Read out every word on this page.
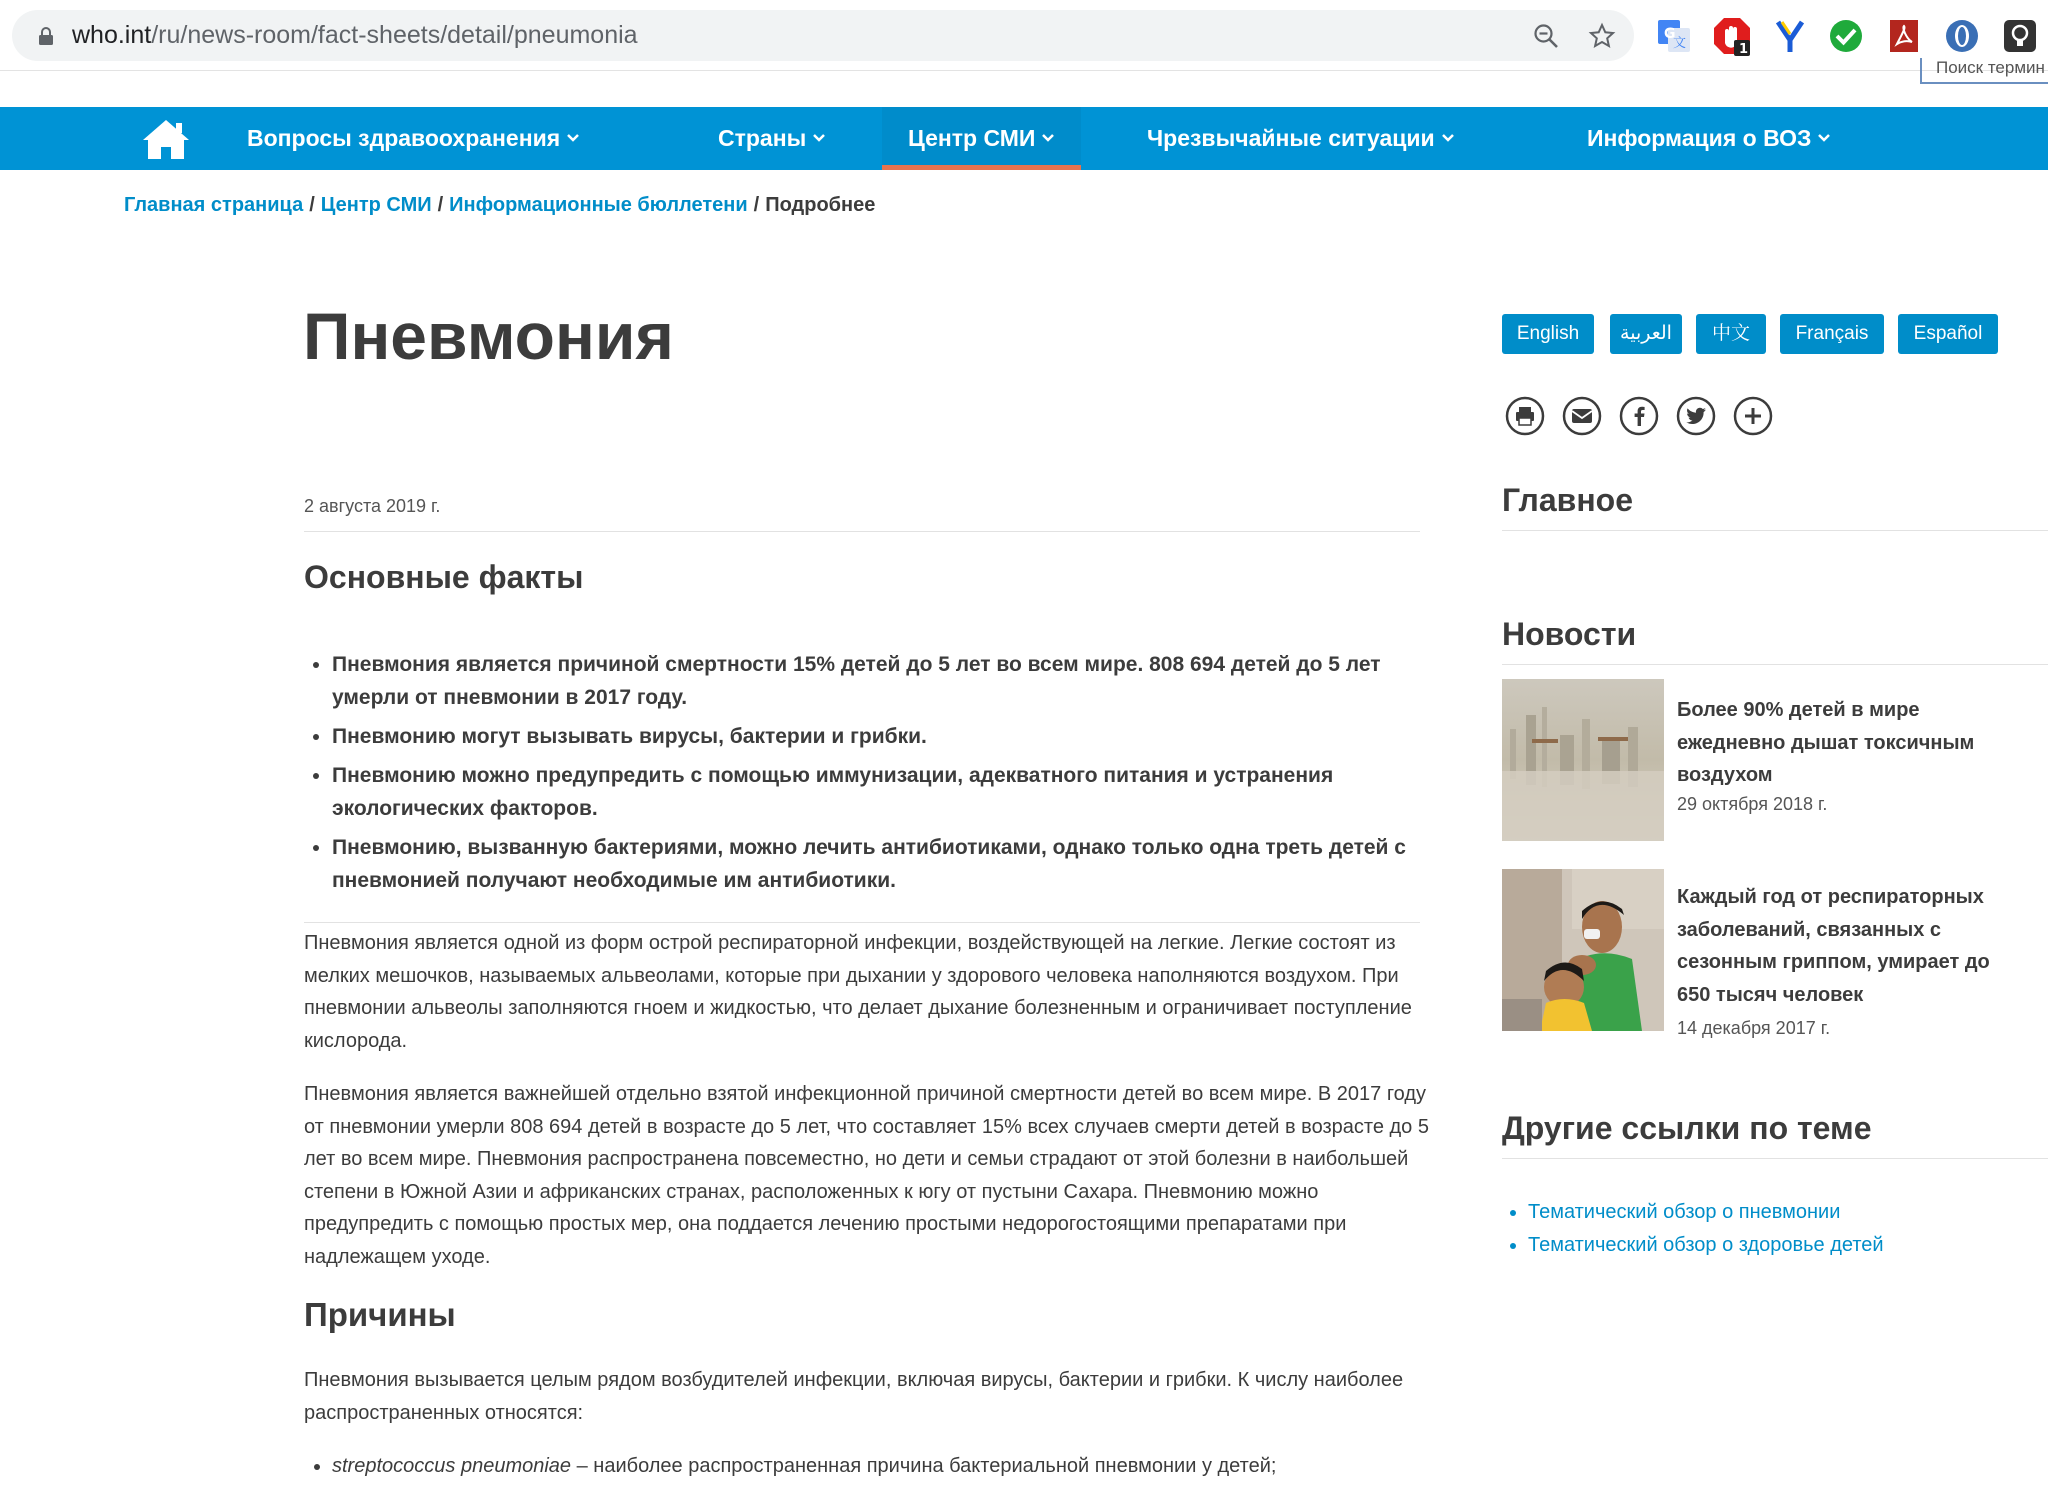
who.int/ru/news-room/fact-sheets/detail/pneumonia	G
文	1
Поиск термин
Вопросы здравоохранения	Страны	Центр СМИ	Чрезвычайные ситуации	Информация о ВОЗ
Главная страница / Центр СМИ / Информационные бюллетени / Подробнее
Пневмония
2 августа 2019 г.
Основные факты
• Пневмония является причиной смертности 15% детей до 5 лет во всем мире. 808 694 детей до 5 лет умерли от пневмонии в 2017 году.
• Пневмонию могут вызывать вирусы, бактерии и грибки.
• Пневмонию можно предупредить с помощью иммунизации, адекватного питания и устранения экологических факторов.
• Пневмонию, вызванную бактериями, можно лечить антибиотиками, однако только одна треть детей с пневмонией получают необходимые им антибиотики.

Пневмония является одной из форм острой респираторной инфекции, воздействующей на легкие. Легкие состоят из мелких мешочков, называемых альвеолами, которые при дыхании у здорового человека наполняются воздухом. При пневмонии альвеолы заполняются гноем и жидкостью, что делает дыхание болезненным и ограничивает поступление кислорода.

Пневмония является важнейшей отдельно взятой инфекционной причиной смертности детей во всем мире. В 2017 году от пневмонии умерли 808 694 детей в возрасте до 5 лет, что составляет 15% всех случаев смерти детей в возрасте до 5 лет во всем мире. Пневмония распространена повсеместно, но дети и семьи страдают от этой болезни в наибольшей степени в Южной Азии и африканских странах, расположенных к югу от пустыни Сахара. Пневмонию можно предупредить с помощью простых мер, она поддается лечению простыми недорогостоящими препаратами при надлежащем уходе.

Причины

Пневмония вызывается целым рядом возбудителей инфекции, включая вирусы, бактерии и грибки. К числу наиболее распространенных относятся:

• streptococcus pneumoniae – наиболее распространенная причина бактериальной пневмонии у детей;
English	العربية	中文	Français	Español
Главное
Новости

Более 90% детей в мире ежедневно дышат токсичным воздухом

29 октября 2018 г.

Каждый год от респираторных заболеваний, связанных с сезонным гриппом, умирает до 650 тысяч человек

14 декабря 2017 г.
Другие ссылки по теме
• Тематический обзор о пневмонии
• Тематический обзор о здоровье детей
